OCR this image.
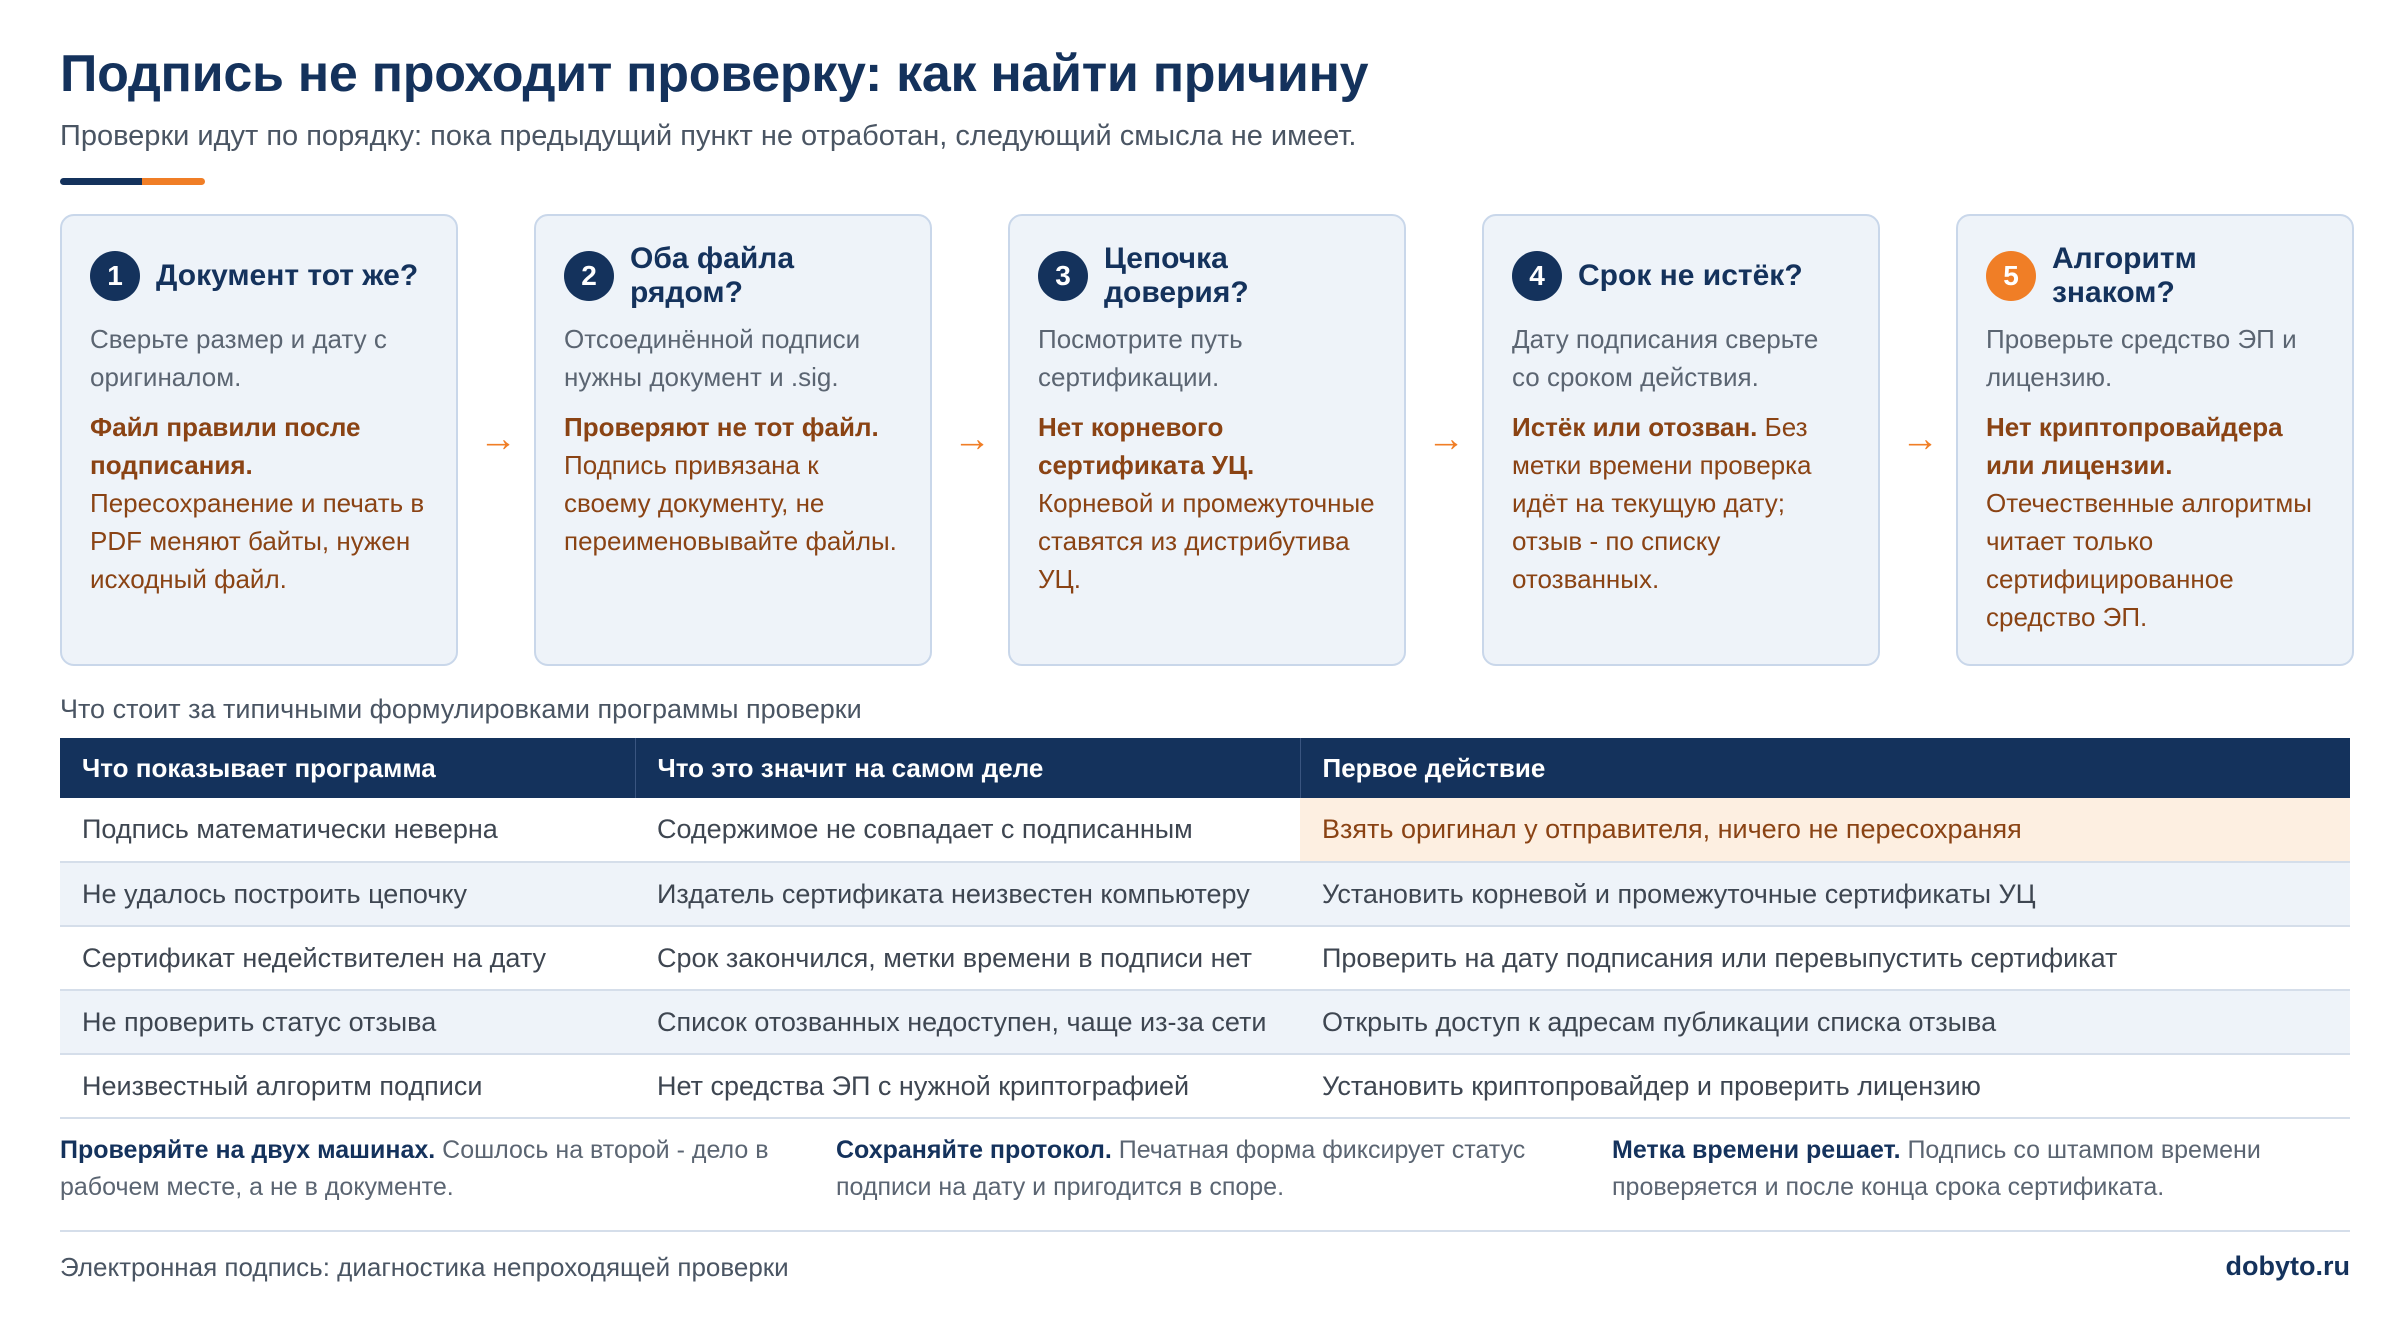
Подпись не проходит проверку: как найти причину
Проверки идут по порядку: пока предыдущий пункт не отработан, следующий смысла не имеет.
1	Документ тот же?
Сверьте размер и дату с оригиналом.
Файл правили после подписания. Пересохранение и печать в PDF меняют байты, нужен исходный файл.
→
2
Оба файла рядом?
Отсоединённой подписи нужны документ и .sig.
Проверяют не тот файл. Подпись привязана к своему документу, не переименовывайте файлы.
→
3
Цепочка доверия?
Посмотрите путь сертификации.
Нет корневого сертификата УЦ. Корневой и промежуточные ставятся из дистрибутива УЦ.
→
4	Срок не истёк?
Дату подписания сверьте со сроком действия.
Истёк или отозван. Без метки времени проверка идёт на текущую дату; отзыв - по списку отозванных.
→
5
Алгоритм знаком?
Проверьте средство ЭП и лицензию.
Нет криптопровайдера или лицензии. Отечественные алгоритмы читает только сертифицированное средство ЭП.
Что стоит за типичными формулировками программы проверки
Что показывает программа	Что это значит на самом деле	Первое действие
Подпись математически неверна	Содержимое не совпадает с подписанным	Взять оригинал у отправителя, ничего не пересохраняя
Не удалось построить цепочку	Издатель сертификата неизвестен компьютеру	Установить корневой и промежуточные сертификаты УЦ
Сертификат недействителен на дату	Срок закончился, метки времени в подписи нет	Проверить на дату подписания или перевыпустить сертификат
Не проверить статус отзыва	Список отозванных недоступен, чаще из-за сети	Открыть доступ к адресам публикации списка отзыва
Неизвестный алгоритм подписи	Нет средства ЭП с нужной криптографией	Установить криптопровайдер и проверить лицензию
Проверяйте на двух машинах. Сошлось на второй - дело в рабочем месте, а не в документе.
Сохраняйте протокол. Печатная форма фиксирует статус подписи на дату и пригодится в споре.
Метка времени решает. Подпись со штампом времени проверяется и после конца срока сертификата.
Электронная подпись: диагностика непроходящей проверки	dobyto.ru
